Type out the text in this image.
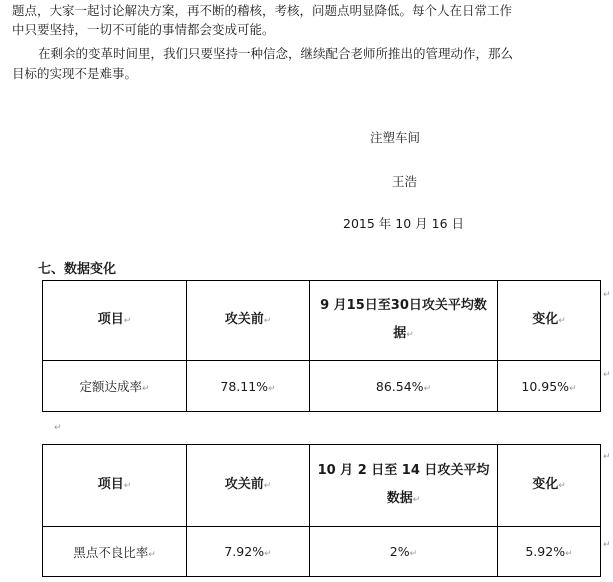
题点，大家一起讨论解决方案，再不断的稽核，考核，问题点明显降低。每个人在日常工作
中只要坚持，一切不可能的事情都会变成可能。
在剩余的变革时间里，我们只要坚持一种信念，继续配合老师所推出的管理动作，那么
目标的实现不是难事。
注塑车间
王浩
2015 年 10 月 16 日
七、数据变化
项目↵	攻关前↵	9 月15日至30日攻关平均数据↵	变化↵
定额达成率↵	78.11%↵	86.54%↵	10.95%↵
↵
↵
↵
项目↵	攻关前↵	10 月 2 日至 14 日攻关平均数据↵	变化↵
黑点不良比率↵	7.92%↵	2%↵	5.92%↵
↵
↵
